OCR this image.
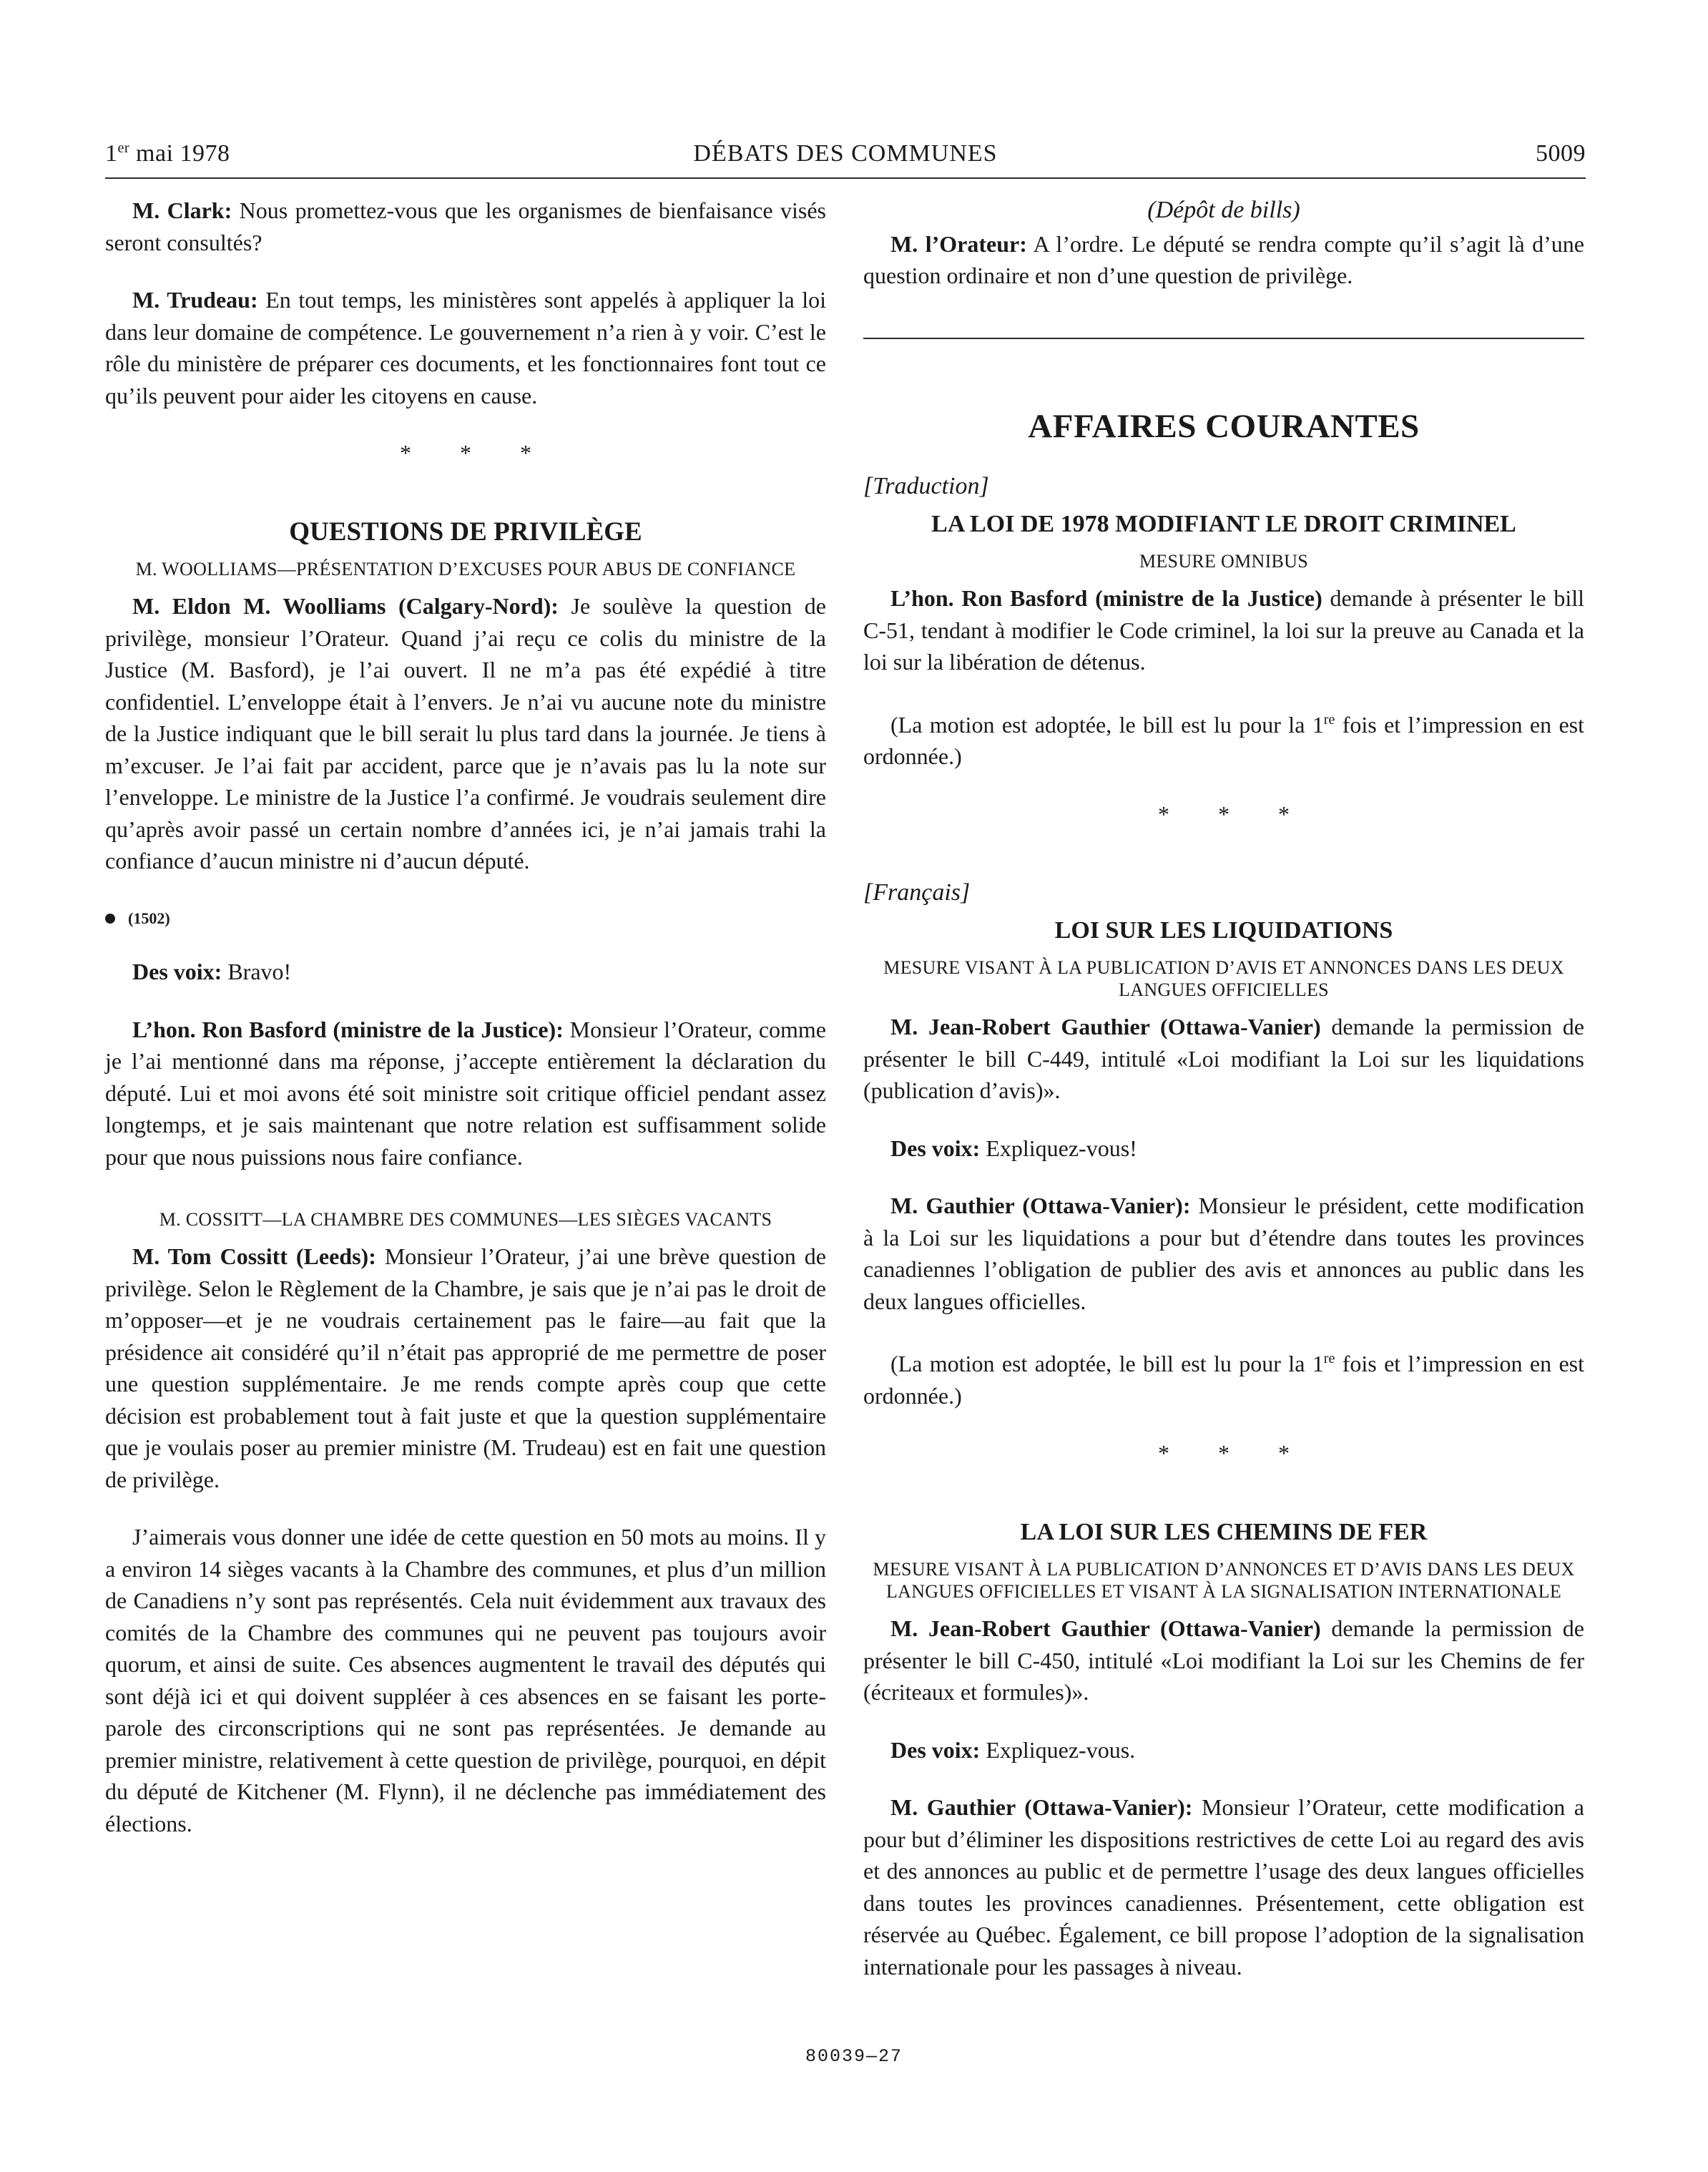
1er mai 1978	DÉBATS DES COMMUNES	5009

M. Clark: Nous promettez-vous que les organismes de bienfaisance visés seront consultés?

M. Trudeau: En tout temps, les ministères sont appelés à appliquer la loi dans leur domaine de compétence. Le gouvernement n’a rien à y voir. C’est le rôle du ministère de préparer ces documents, et les fonctionnaires font tout ce qu’ils peuvent pour aider les citoyens en cause.

* * *
QUESTIONS DE PRIVILÈGE
M. WOOLLIAMS—PRÉSENTATION D’EXCUSES POUR ABUS DE CONFIANCE

M. Eldon M. Woolliams (Calgary-Nord): Je soulève la question de privilège, monsieur l’Orateur. Quand j’ai reçu ce colis du ministre de la Justice (M. Basford), je l’ai ouvert. Il ne m’a pas été expédié à titre confidentiel. L’enveloppe était à l’envers. Je n’ai vu aucune note du ministre de la Justice indiquant que le bill serait lu plus tard dans la journée. Je tiens à m’excuser. Je l’ai fait par accident, parce que je n’avais pas lu la note sur l’enveloppe. Le ministre de la Justice l’a confirmé. Je voudrais seulement dire qu’après avoir passé un certain nombre d’années ici, je n’ai jamais trahi la confiance d’aucun ministre ni d’aucun député.

(1502)

Des voix: Bravo!

L’hon. Ron Basford (ministre de la Justice): Monsieur l’Orateur, comme je l’ai mentionné dans ma réponse, j’accepte entièrement la déclaration du député. Lui et moi avons été soit ministre soit critique officiel pendant assez longtemps, et je sais maintenant que notre relation est suffisamment solide pour que nous puissions nous faire confiance.

M. COSSITT—LA CHAMBRE DES COMMUNES—LES SIÈGES VACANTS

M. Tom Cossitt (Leeds): Monsieur l’Orateur, j’ai une brève question de privilège. Selon le Règlement de la Chambre, je sais que je n’ai pas le droit de m’opposer—et je ne voudrais certainement pas le faire—au fait que la présidence ait considéré qu’il n’était pas approprié de me permettre de poser une question supplémentaire. Je me rends compte après coup que cette décision est probablement tout à fait juste et que la question supplémentaire que je voulais poser au premier ministre (M. Trudeau) est en fait une question de privilège.

J’aimerais vous donner une idée de cette question en 50 mots au moins. Il y a environ 14 sièges vacants à la Chambre des communes, et plus d’un million de Canadiens n’y sont pas représentés. Cela nuit évidemment aux travaux des comités de la Chambre des communes qui ne peuvent pas toujours avoir quorum, et ainsi de suite. Ces absences augmentent le travail des députés qui sont déjà ici et qui doivent suppléer à ces absences en se faisant les porte-parole des circonscriptions qui ne sont pas représentées. Je demande au premier ministre, relativement à cette question de privilège, pourquoi, en dépit du député de Kitchener (M. Flynn), il ne déclenche pas immédiatement des élections.

(Dépôt de bills)

M. l’Orateur: A l’ordre. Le député se rendra compte qu’il s’agit là d’une question ordinaire et non d’une question de privilège.

AFFAIRES COURANTES
[Traduction]
LA LOI DE 1978 MODIFIANT LE DROIT CRIMINEL
MESURE OMNIBUS

L’hon. Ron Basford (ministre de la Justice) demande à présenter le bill C-51, tendant à modifier le Code criminel, la loi sur la preuve au Canada et la loi sur la libération de détenus.

(La motion est adoptée, le bill est lu pour la 1re fois et l’impression en est ordonnée.)

* * *
[Français]
LOI SUR LES LIQUIDATIONS
MESURE VISANT À LA PUBLICATION D’AVIS ET ANNONCES DANS LES DEUX LANGUES OFFICIELLES

M. Jean-Robert Gauthier (Ottawa-Vanier) demande la permission de présenter le bill C-449, intitulé «Loi modifiant la Loi sur les liquidations (publication d’avis)».

Des voix: Expliquez-vous!

M. Gauthier (Ottawa-Vanier): Monsieur le président, cette modification à la Loi sur les liquidations a pour but d’étendre dans toutes les provinces canadiennes l’obligation de publier des avis et annonces au public dans les deux langues officielles.

(La motion est adoptée, le bill est lu pour la 1re fois et l’impression en est ordonnée.)

* * *
LA LOI SUR LES CHEMINS DE FER
MESURE VISANT À LA PUBLICATION D’ANNONCES ET D’AVIS DANS LES DEUX LANGUES OFFICIELLES ET VISANT À LA SIGNALISATION INTERNATIONALE

M. Jean-Robert Gauthier (Ottawa-Vanier) demande la permission de présenter le bill C-450, intitulé «Loi modifiant la Loi sur les Chemins de fer (écriteaux et formules)».

Des voix: Expliquez-vous.

M. Gauthier (Ottawa-Vanier): Monsieur l’Orateur, cette modification a pour but d’éliminer les dispositions restrictives de cette Loi au regard des avis et des annonces au public et de permettre l’usage des deux langues officielles dans toutes les provinces canadiennes. Présentement, cette obligation est réservée au Québec. Également, ce bill propose l’adoption de la signalisation internationale pour les passages à niveau.

80039—27
